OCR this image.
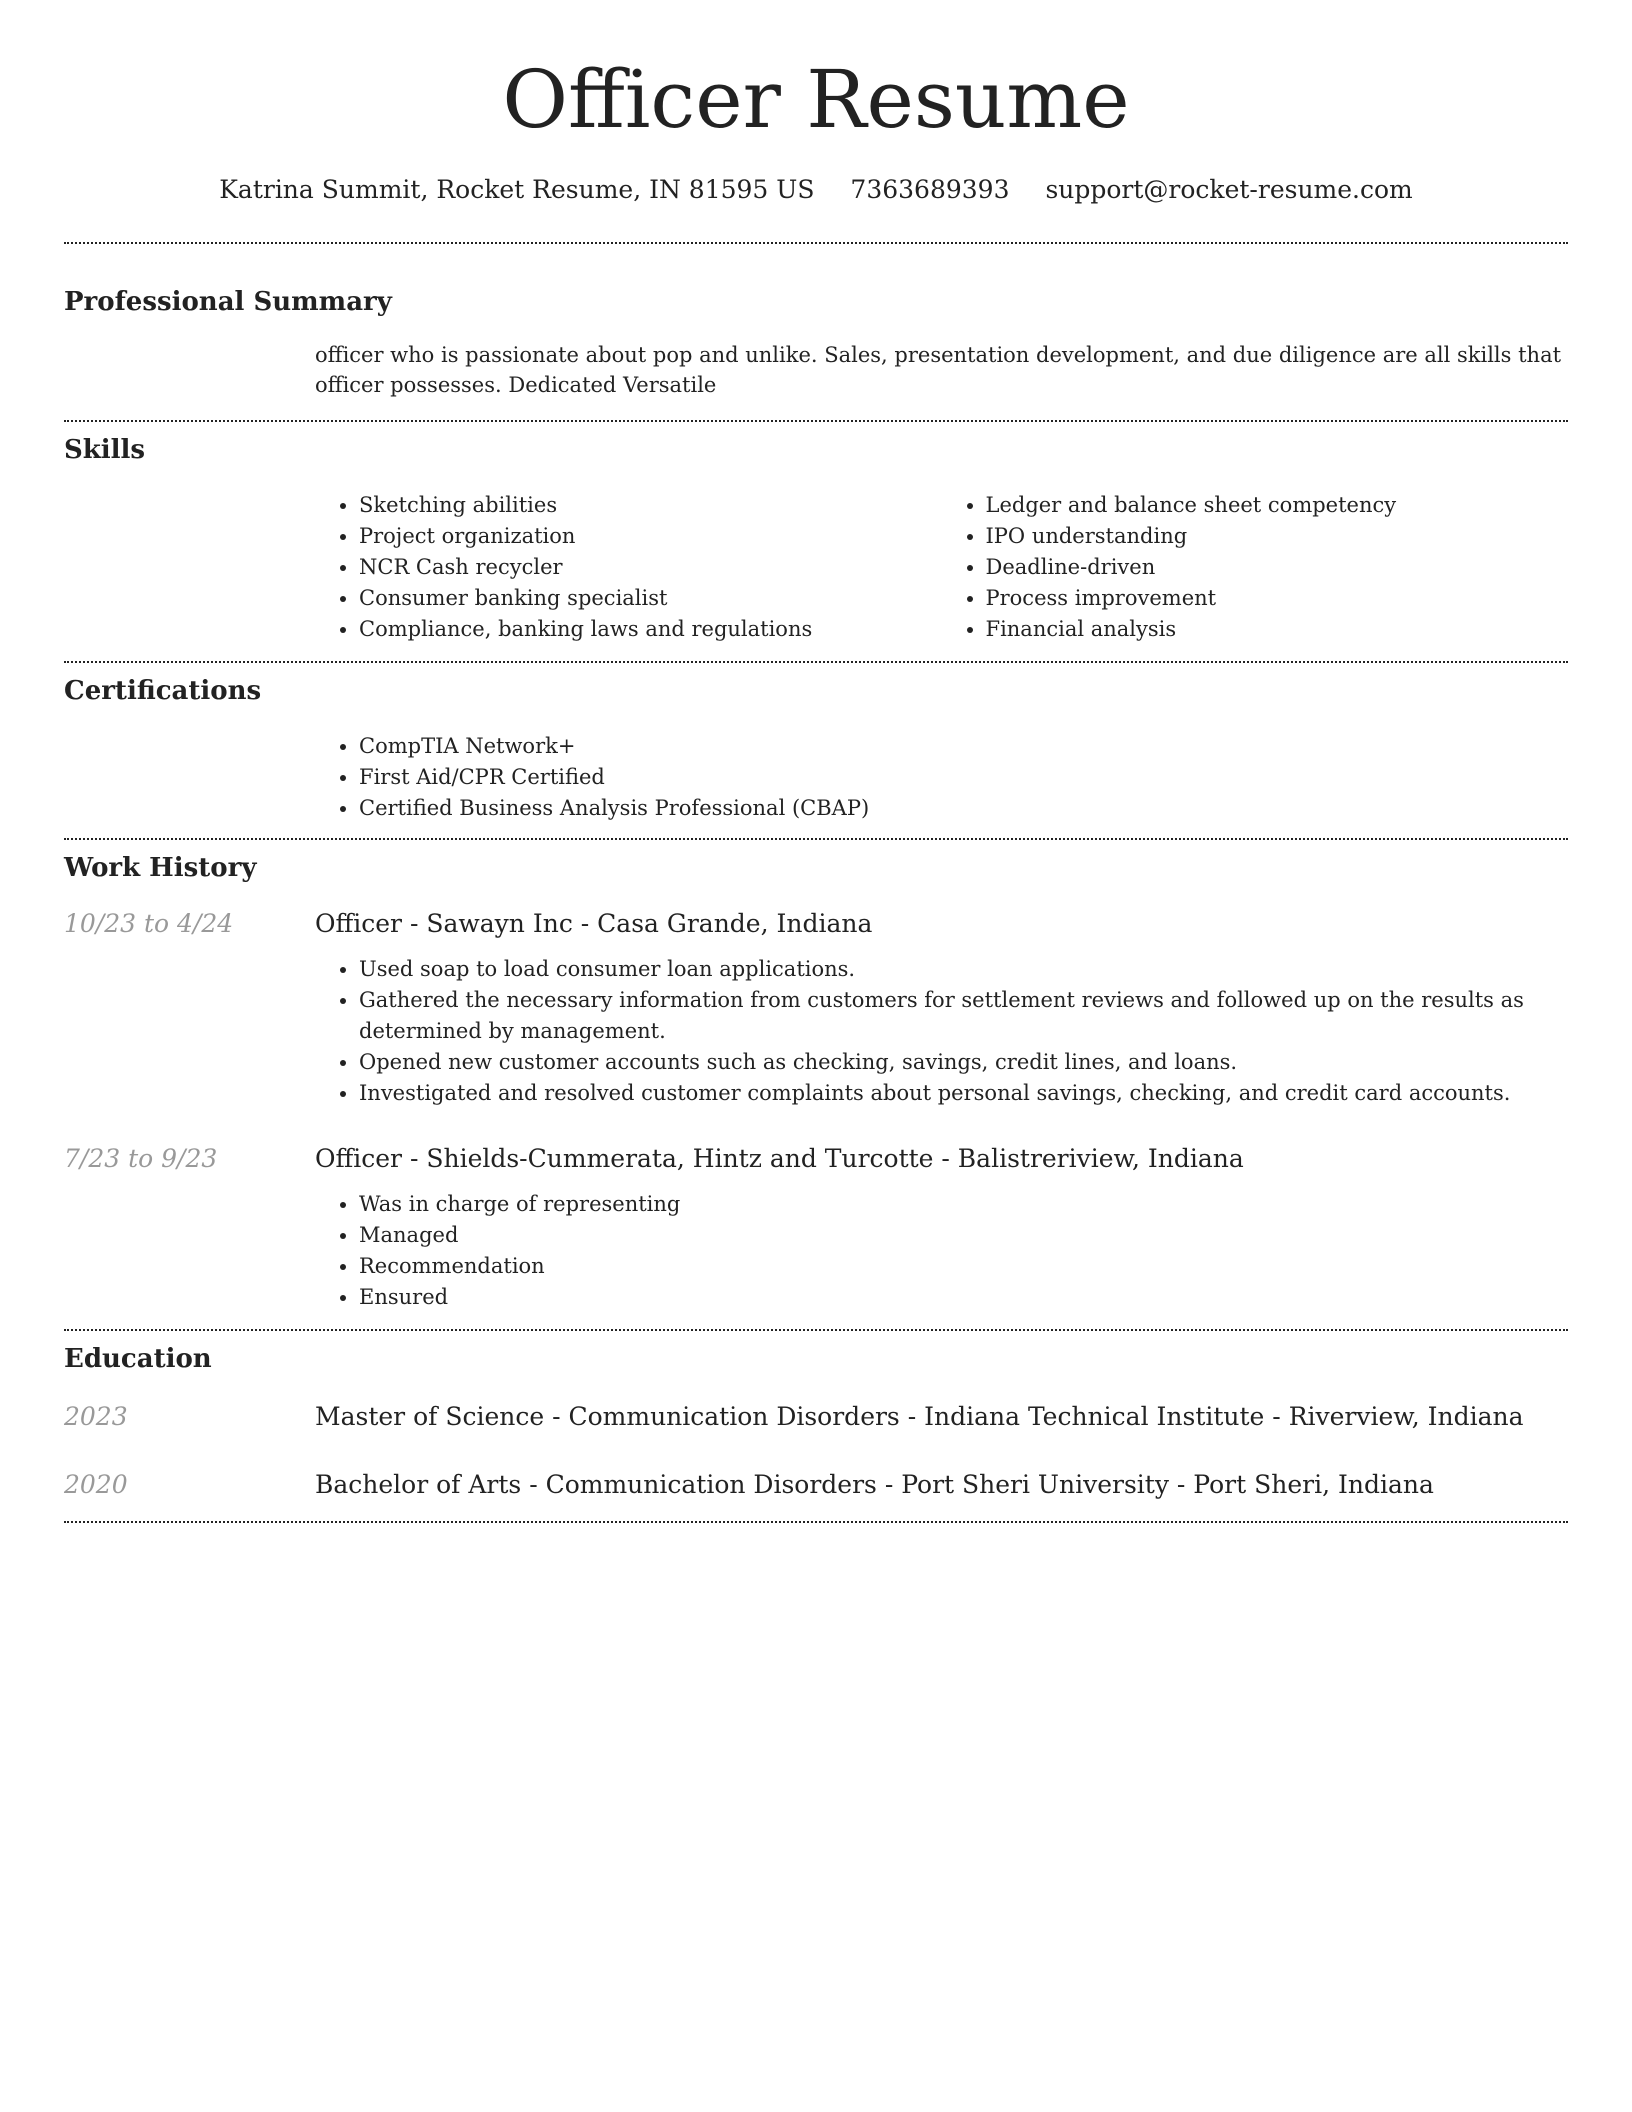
Officer Resume
Katrina Summit, Rocket Resume, IN 81595 US 7363689393 support@rocket-resume.com
Professional Summary

officer who is passionate about pop and unlike. Sales, presentation development, and due diligence are all skills that officer possesses. Dedicated Versatile

Skills
• Sketching abilities
• Project organization
• NCR Cash recycler
• Consumer banking specialist
• Compliance, banking laws and regulations
• Ledger and balance sheet competency
• IPO understanding
• Deadline-driven
• Process improvement
• Financial analysis
Certifications
• CompTIA Network+
• First Aid/CPR Certified
• Certified Business Analysis Professional (CBAP)
Work History
10/23 to 4/24	Officer - Sawayn Inc - Casa Grande, Indiana
• Used soap to load consumer loan applications.
• Gathered the necessary information from customers for settlement reviews and followed up on the results as determined by management.
• Opened new customer accounts such as checking, savings, credit lines, and loans.
• Investigated and resolved customer complaints about personal savings, checking, and credit card accounts.
7/23 to 9/23	Officer - Shields-Cummerata, Hintz and Turcotte - Balistreriview, Indiana
• Was in charge of representing
• Managed
• Recommendation
• Ensured
Education
2023	Master of Science - Communication Disorders - Indiana Technical Institute - Riverview, Indiana
2020	Bachelor of Arts - Communication Disorders - Port Sheri University - Port Sheri, Indiana
